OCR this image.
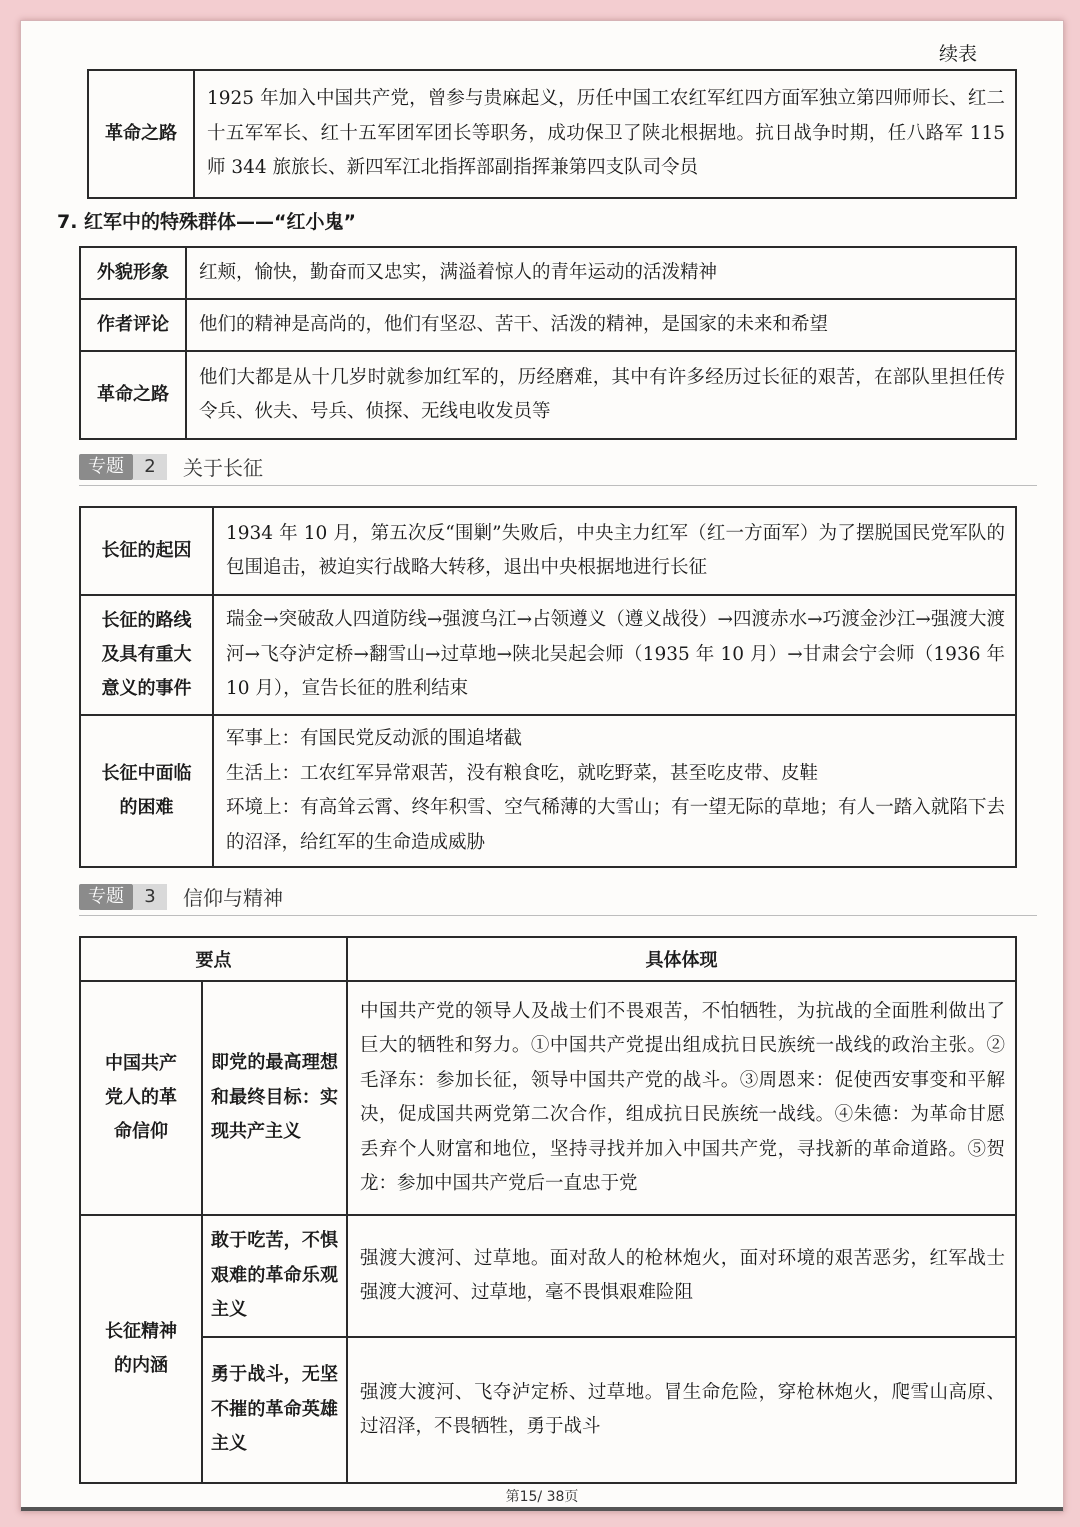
续表
革命之路	1925 年加入中国共产党，曾参与贵麻起义，历任中国工农红军红四方面军独立第四师师长、红二十五军军长、红十五军团军团长等职务，成功保卫了陕北根据地。抗日战争时期，任八路军 115 师 344 旅旅长、新四军江北指挥部副指挥兼第四支队司令员
7. 红军中的特殊群体——“红小鬼”
外貌形象	红颊，愉快，勤奋而又忠实，满溢着惊人的青年运动的活泼精神
作者评论	他们的精神是高尚的，他们有坚忍、苦干、活泼的精神，是国家的未来和希望
革命之路	他们大都是从十几岁时就参加红军的，历经磨难，其中有许多经历过长征的艰苦，在部队里担任传令兵、伙夫、号兵、侦探、无线电收发员等
专题	2	关于长征
长征的起因	1934 年 10 月，第五次反“围剿”失败后，中央主力红军（红一方面军）为了摆脱国民党军队的包围追击，被迫实行战略大转移，退出中央根据地进行长征
长征的路线及具有重大意义的事件	瑞金→突破敌人四道防线→强渡乌江→占领遵义（遵义战役）→四渡赤水→巧渡金沙江→强渡大渡河→飞夺泸定桥→翻雪山→过草地→陕北吴起会师（1935 年 10 月）→甘肃会宁会师（1936 年 10 月），宣告长征的胜利结束
长征中面临的困难	军事上：有国民党反动派的围追堵截
生活上：工农红军异常艰苦，没有粮食吃，就吃野菜，甚至吃皮带、皮鞋
环境上：有高耸云霄、终年积雪、空气稀薄的大雪山；有一望无际的草地；有人一踏入就陷下去的沼泽，给红军的生命造成威胁
专题	3	信仰与精神
要点		具体体现
中国共产党人的革命信仰	即党的最高理想和最终目标：实现共产主义	中国共产党的领导人及战士们不畏艰苦，不怕牺牲，为抗战的全面胜利做出了巨大的牺牲和努力。①中国共产党提出组成抗日民族统一战线的政治主张。②毛泽东：参加长征，领导中国共产党的战斗。③周恩来：促使西安事变和平解决，促成国共两党第二次合作，组成抗日民族统一战线。④朱德：为革命甘愿丢弃个人财富和地位，坚持寻找并加入中国共产党，寻找新的革命道路。⑤贺龙：参加中国共产党后一直忠于党
长征精神的内涵	敢于吃苦，不惧艰难的革命乐观主义	强渡大渡河、过草地。面对敌人的枪林炮火，面对环境的艰苦恶劣，红军战士强渡大渡河、过草地，毫不畏惧艰难险阻
	勇于战斗，无坚不摧的革命英雄主义	强渡大渡河、飞夺泸定桥、过草地。冒生命危险，穿枪林炮火，爬雪山高原、过沼泽，不畏牺牲，勇于战斗
第15/ 38页
